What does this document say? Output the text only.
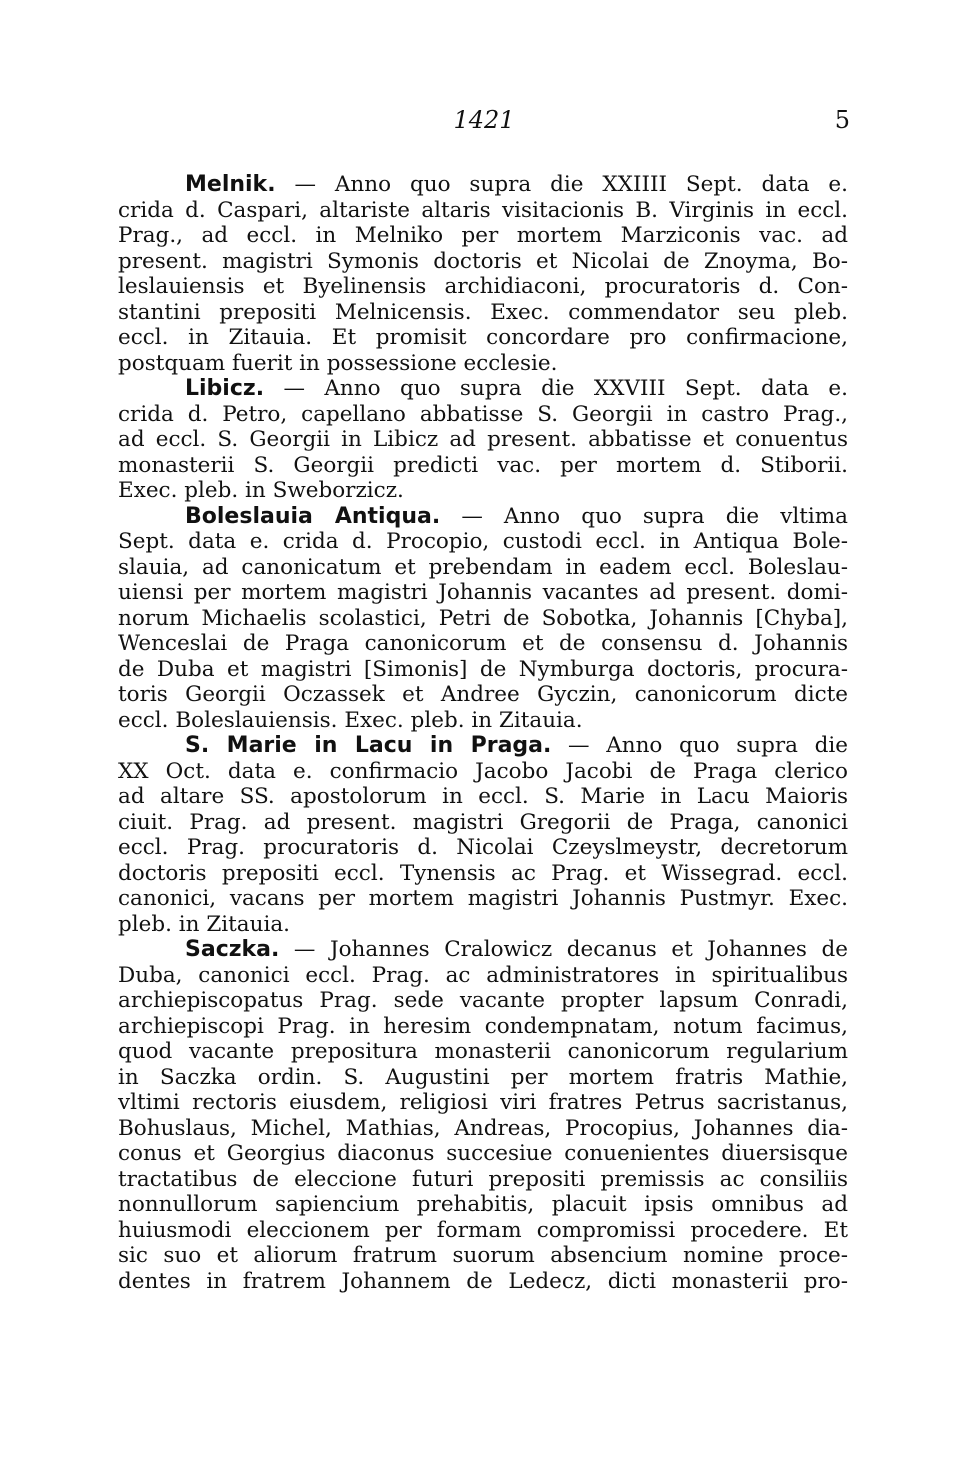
1421	5
Melnik. — Anno quo supra die XXIIII Sept. data e.
crida d. Caspari, altariste altaris visitacionis B. Virginis in eccl.
Prag., ad eccl. in Melniko per mortem Marziconis vac. ad
present. magistri Symonis doctoris et Nicolai de Znoyma, Bo-
leslauiensis et Byelinensis archidiaconi, procuratoris d. Con-
stantini prepositi Melnicensis. Exec. commendator seu pleb.
eccl. in Zitauia. Et promisit concordare pro confirmacione,
postquam fuerit in possessione ecclesie.
Libicz. — Anno quo supra die XXVIII Sept. data e.
crida d. Petro, capellano abbatisse S. Georgii in castro Prag.,
ad eccl. S. Georgii in Libicz ad present. abbatisse et conuentus
monasterii S. Georgii predicti vac. per mortem d. Stiborii.
Exec. pleb. in Sweborzicz.
Boleslauia Antiqua. — Anno quo supra die vltima
Sept. data e. crida d. Procopio, custodi eccl. in Antiqua Bole-
slauia, ad canonicatum et prebendam in eadem eccl. Boleslau-
uiensi per mortem magistri Johannis vacantes ad present. domi-
norum Michaelis scolastici, Petri de Sobotka, Johannis [Chyba],
Wenceslai de Praga canonicorum et de consensu d. Johannis
de Duba et magistri [Simonis] de Nymburga doctoris, procura-
toris Georgii Oczassek et Andree Gyczin, canonicorum dicte
eccl. Boleslauiensis. Exec. pleb. in Zitauia.
S. Marie in Lacu in Praga. — Anno quo supra die
XX Oct. data e. confirmacio Jacobo Jacobi de Praga clerico
ad altare SS. apostolorum in eccl. S. Marie in Lacu Maioris
ciuit. Prag. ad present. magistri Gregorii de Praga, canonici
eccl. Prag. procuratoris d. Nicolai Czeyslmeystr, decretorum
doctoris prepositi eccl. Tynensis ac Prag. et Wissegrad. eccl.
canonici, vacans per mortem magistri Johannis Pustmyr. Exec.
pleb. in Zitauia.
Saczka. — Johannes Cralowicz decanus et Johannes de
Duba, canonici eccl. Prag. ac administratores in spiritualibus
archiepiscopatus Prag. sede vacante propter lapsum Conradi,
archiepiscopi Prag. in heresim condempnatam, notum facimus,
quod vacante prepositura monasterii canonicorum regularium
in Saczka ordin. S. Augustini per mortem fratris Mathie,
vltimi rectoris eiusdem, religiosi viri fratres Petrus sacristanus,
Bohuslaus, Michel, Mathias, Andreas, Procopius, Johannes dia-
conus et Georgius diaconus succesiue conuenientes diuersisque
tractatibus de eleccione futuri prepositi premissis ac consiliis
nonnullorum sapiencium prehabitis, placuit ipsis omnibus ad
huiusmodi eleccionem per formam compromissi procedere. Et
sic suo et aliorum fratrum suorum absencium nomine proce-
dentes in fratrem Johannem de Ledecz, dicti monasterii pro-
